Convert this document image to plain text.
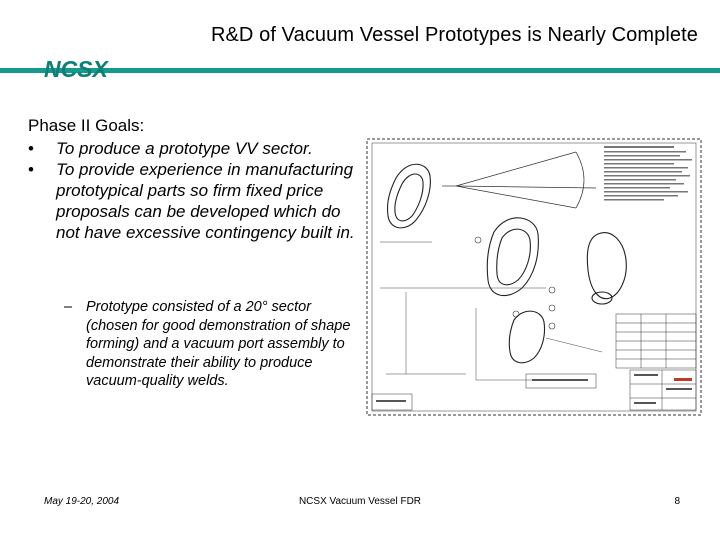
R&D of Vacuum Vessel Prototypes is Nearly Complete
NCSX
Phase II Goals:
• To produce a prototype VV sector.
• To provide experience in manufacturing prototypical parts so firm fixed price proposals can be developed which do not have excessive contingency built in.
– Prototype consisted of a 20° sector (chosen for good demonstration of shape forming) and a vacuum port assembly to demonstrate their ability to produce vacuum-quality welds.
May 19-20, 2004	NCSX Vacuum Vessel FDR	8
